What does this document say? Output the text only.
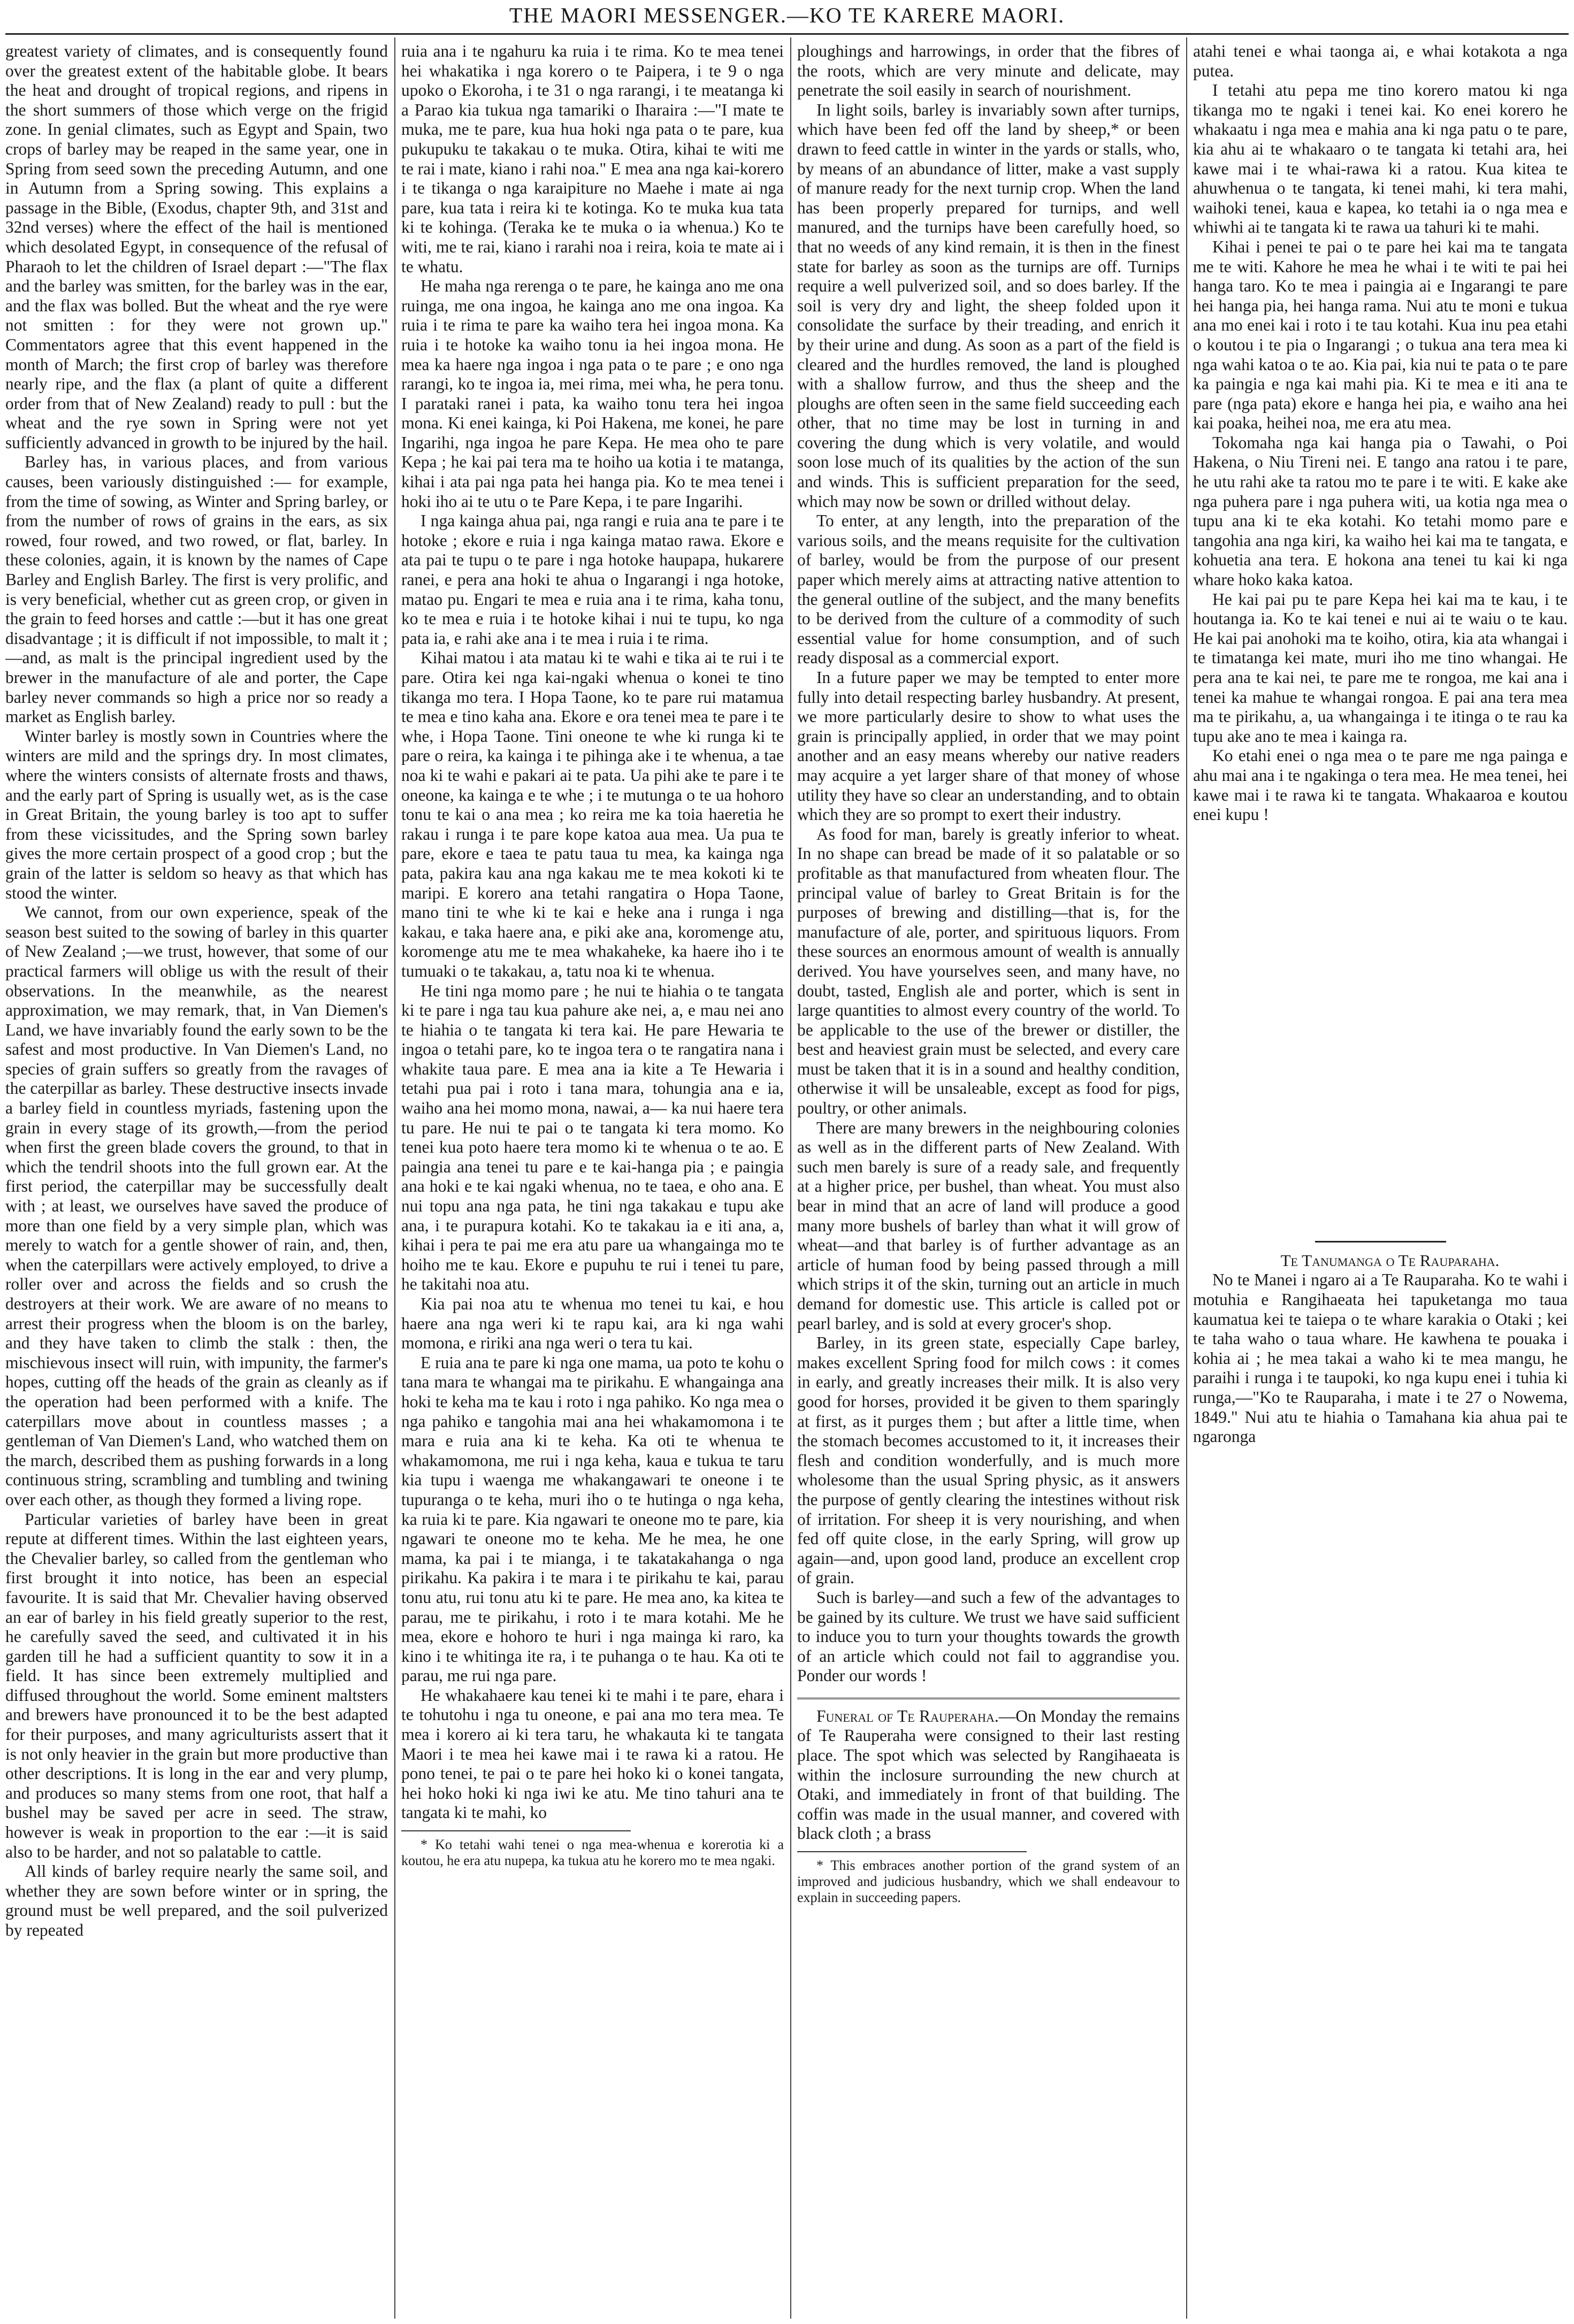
THE MAORI MESSENGER.—KO TE KARERE MAORI.

greatest variety of climates, and is consequently found over the greatest extent of the habitable globe. It bears the heat and drought of tropical regions, and ripens in the short summers of those which verge on the frigid zone. In genial climates, such as Egypt and Spain, two crops of barley may be reaped in the same year, one in Spring from seed sown the preceding Autumn, and one in Autumn from a Spring sowing. This explains a passage in the Bible, (Exodus, chapter 9th, and 31st and 32nd verses) where the effect of the hail is mentioned which desolated Egypt, in consequence of the refusal of Pharaoh to let the children of Israel depart :—"The flax and the barley was smitten, for the barley was in the ear, and the flax was bolled. But the wheat and the rye were not smitten : for they were not grown up." Commentators agree that this event happened in the month of March; the first crop of barley was therefore nearly ripe, and the flax (a plant of quite a different order from that of New Zealand) ready to pull : but the wheat and the rye sown in Spring were not yet sufficiently advanced in growth to be injured by the hail.

Barley has, in various places, and from various causes, been variously distinguished :— for example, from the time of sowing, as Winter and Spring barley, or from the number of rows of grains in the ears, as six rowed, four rowed, and two rowed, or flat, barley. In these colonies, again, it is known by the names of Cape Barley and English Barley. The first is very prolific, and is very beneficial, whether cut as green crop, or given in the grain to feed horses and cattle :—but it has one great disadvantage ; it is difficult if not impossible, to malt it ;—and, as malt is the principal ingredient used by the brewer in the manufacture of ale and porter, the Cape barley never commands so high a price nor so ready a market as English barley.

Winter barley is mostly sown in Countries where the winters are mild and the springs dry. In most climates, where the winters consists of alternate frosts and thaws, and the early part of Spring is usually wet, as is the case in Great Britain, the young barley is too apt to suffer from these vicissitudes, and the Spring sown barley gives the more certain prospect of a good crop ; but the grain of the latter is seldom so heavy as that which has stood the winter.

We cannot, from our own experience, speak of the season best suited to the sowing of barley in this quarter of New Zealand ;—we trust, however, that some of our practical farmers will oblige us with the result of their observations. In the meanwhile, as the nearest approximation, we may remark, that, in Van Diemen's Land, we have invariably found the early sown to be the safest and most productive. In Van Diemen's Land, no species of grain suffers so greatly from the ravages of the caterpillar as barley. These destructive insects invade a barley field in countless myriads, fastening upon the grain in every stage of its growth,—from the period when first the green blade covers the ground, to that in which the tendril shoots into the full grown ear. At the first period, the caterpillar may be successfully dealt with ; at least, we ourselves have saved the produce of more than one field by a very simple plan, which was merely to watch for a gentle shower of rain, and, then, when the caterpillars were actively employed, to drive a roller over and across the fields and so crush the destroyers at their work. We are aware of no means to arrest their progress when the bloom is on the barley, and they have taken to climb the stalk : then, the mischievous insect will ruin, with impunity, the farmer's hopes, cutting off the heads of the grain as cleanly as if the operation had been performed with a knife. The caterpillars move about in countless masses ; a gentleman of Van Diemen's Land, who watched them on the march, described them as pushing forwards in a long continuous string, scrambling and tumbling and twining over each other, as though they formed a living rope.

Particular varieties of barley have been in great repute at different times. Within the last eighteen years, the Chevalier barley, so called from the gentleman who first brought it into notice, has been an especial favourite. It is said that Mr. Chevalier having observed an ear of barley in his field greatly superior to the rest, he carefully saved the seed, and cultivated it in his garden till he had a sufficient quantity to sow it in a field. It has since been extremely multiplied and diffused throughout the world. Some eminent maltsters and brewers have pronounced it to be the best adapted for their purposes, and many agriculturists assert that it is not only heavier in the grain but more productive than other descriptions. It is long in the ear and very plump, and produces so many stems from one root, that half a bushel may be saved per acre in seed. The straw, however is weak in proportion to the ear :—it is said also to be harder, and not so palatable to cattle.

All kinds of barley require nearly the same soil, and whether they are sown before winter or in spring, the ground must be well prepared, and the soil pulverized by repeated

ruia ana i te ngahuru ka ruia i te rima. Ko te mea tenei hei whakatika i nga korero o te Paipera, i te 9 o nga upoko o Ekoroha, i te 31 o nga rarangi, i te meatanga ki a Parao kia tukua nga tamariki o Iharaira :—"I mate te muka, me te pare, kua hua hoki nga pata o te pare, kua pukupuku te takakau o te muka. Otira, kihai te witi me te rai i mate, kiano i rahi noa." E mea ana nga kai-korero i te tikanga o nga karaipiture no Maehe i mate ai nga pare, kua tata i reira ki te kotinga. Ko te muka kua tata ki te kohinga. (Teraka ke te muka o ia whenua.) Ko te witi, me te rai, kiano i rarahi noa i reira, koia te mate ai i te whatu.

He maha nga rerenga o te pare, he kainga ano me ona ruinga, me ona ingoa, he kainga ano me ona ingoa. Ka ruia i te rima te pare ka waiho tera hei ingoa mona. Ka ruia i te hotoke ka waiho tonu ia hei ingoa mona. He mea ka haere nga ingoa i nga pata o te pare ; e ono nga rarangi, ko te ingoa ia, mei rima, mei wha, he pera tonu. I parataki ranei i pata, ka waiho tonu tera hei ingoa mona. Ki enei kainga, ki Poi Hakena, me konei, he pare Ingarihi, nga ingoa he pare Kepa. He mea oho te pare Kepa ; he kai pai tera ma te hoiho ua kotia i te matanga, kihai i ata pai nga pata hei hanga pia. Ko te mea tenei i hoki iho ai te utu o te Pare Kepa, i te pare Ingarihi.

I nga kainga ahua pai, nga rangi e ruia ana te pare i te hotoke ; ekore e ruia i nga kainga matao rawa. Ekore e ata pai te tupu o te pare i nga hotoke haupapa, hukarere ranei, e pera ana hoki te ahua o Ingarangi i nga hotoke, matao pu. Engari te mea e ruia ana i te rima, kaha tonu, ko te mea e ruia i te hotoke kihai i nui te tupu, ko nga pata ia, e rahi ake ana i te mea i ruia i te rima.

Kihai matou i ata matau ki te wahi e tika ai te rui i te pare. Otira kei nga kai-ngaki whenua o konei te tino tikanga mo tera. I Hopa Taone, ko te pare rui matamua te mea e tino kaha ana. Ekore e ora tenei mea te pare i te whe, i Hopa Taone. Tini oneone te whe ki runga ki te pare o reira, ka kainga i te pihinga ake i te whenua, a tae noa ki te wahi e pakari ai te pata. Ua pihi ake te pare i te oneone, ka kainga e te whe ; i te mutunga o te ua hohoro tonu te kai o ana mea ; ko reira me ka toia haeretia he rakau i runga i te pare kope katoa aua mea. Ua pua te pare, ekore e taea te patu taua tu mea, ka kainga nga pata, pakira kau ana nga kakau me te mea kokoti ki te maripi. E korero ana tetahi rangatira o Hopa Taone, mano tini te whe ki te kai e heke ana i runga i nga kakau, e taka haere ana, e piki ake ana, koromenge atu, koromenge atu me te mea whakaheke, ka haere iho i te tumuaki o te takakau, a, tatu noa ki te whenua.

He tini nga momo pare ; he nui te hiahia o te tangata ki te pare i nga tau kua pahure ake nei, a, e mau nei ano te hiahia o te tangata ki tera kai. He pare Hewaria te ingoa o tetahi pare, ko te ingoa tera o te rangatira nana i whakite taua pare. E mea ana ia kite a Te Hewaria i tetahi pua pai i roto i tana mara, tohungia ana e ia, waiho ana hei momo mona, nawai, a— ka nui haere tera tu pare. He nui te pai o te tangata ki tera momo. Ko tenei kua poto haere tera momo ki te whenua o te ao. E paingia ana tenei tu pare e te kai-hanga pia ; e paingia ana hoki e te kai ngaki whenua, no te taea, e oho ana. E nui topu ana nga pata, he tini nga takakau e tupu ake ana, i te purapura kotahi. Ko te takakau ia e iti ana, a, kihai i pera te pai me era atu pare ua whangainga mo te hoiho me te kau. Ekore e pupuhu te rui i tenei tu pare, he takitahi noa atu.

Kia pai noa atu te whenua mo tenei tu kai, e hou haere ana nga weri ki te rapu kai, ara ki nga wahi momona, e ririki ana nga weri o tera tu kai.

E ruia ana te pare ki nga one mama, ua poto te kohu o tana mara te whangai ma te pirikahu. E whangainga ana hoki te keha ma te kau i roto i nga pahiko. Ko nga mea o nga pahiko e tangohia mai ana hei whakamomona i te mara e ruia ana ki te keha. Ka oti te whenua te whakamomona, me rui i nga keha, kaua e tukua te taru kia tupu i waenga me whakangawari te oneone i te tupuranga o te keha, muri iho o te hutinga o nga keha, ka ruia ki te pare. Kia ngawari te oneone mo te pare, kia ngawari te oneone mo te keha. Me he mea, he one mama, ka pai i te mianga, i te takatakahanga o nga pirikahu. Ka pakira i te mara i te pirikahu te kai, parau tonu atu, rui tonu atu ki te pare. He mea ano, ka kitea te parau, me te pirikahu, i roto i te mara kotahi. Me he mea, ekore e hohoro te huri i nga mainga ki raro, ka kino i te whitinga ite ra, i te puhanga o te hau. Ka oti te parau, me rui nga pare.

He whakahaere kau tenei ki te mahi i te pare, ehara i te tohutohu i nga tu oneone, e pai ana mo tera mea. Te mea i korero ai ki tera taru, he whakauta ki te tangata Maori i te mea hei kawe mai i te rawa ki a ratou. He pono tenei, te pai o te pare hei hoko ki o konei tangata, hei hoko hoki ki nga iwi ke atu. Me tino tahuri ana te tangata ki te mahi, ko

* Ko tetahi wahi tenei o nga mea-whenua e korerotia ki a koutou, he era atu nupepa, ka tukua atu he korero mo te mea ngaki.

ploughings and harrowings, in order that the fibres of the roots, which are very minute and delicate, may penetrate the soil easily in search of nourishment.

In light soils, barley is invariably sown after turnips, which have been fed off the land by sheep,* or been drawn to feed cattle in winter in the yards or stalls, who, by means of an abundance of litter, make a vast supply of manure ready for the next turnip crop. When the land has been properly prepared for turnips, and well manured, and the turnips have been carefully hoed, so that no weeds of any kind remain, it is then in the finest state for barley as soon as the turnips are off. Turnips require a well pulverized soil, and so does barley. If the soil is very dry and light, the sheep folded upon it consolidate the surface by their treading, and enrich it by their urine and dung. As soon as a part of the field is cleared and the hurdles removed, the land is ploughed with a shallow furrow, and thus the sheep and the ploughs are often seen in the same field succeeding each other, that no time may be lost in turning in and covering the dung which is very volatile, and would soon lose much of its qualities by the action of the sun and winds. This is sufficient preparation for the seed, which may now be sown or drilled without delay.

To enter, at any length, into the preparation of the various soils, and the means requisite for the cultivation of barley, would be from the purpose of our present paper which merely aims at attracting native attention to the general outline of the subject, and the many benefits to be derived from the culture of a commodity of such essential value for home consumption, and of such ready disposal as a commercial export.

In a future paper we may be tempted to enter more fully into detail respecting barley husbandry. At present, we more particularly desire to show to what uses the grain is principally applied, in order that we may point another and an easy means whereby our native readers may acquire a yet larger share of that money of whose utility they have so clear an understanding, and to obtain which they are so prompt to exert their industry.

As food for man, barely is greatly inferior to wheat. In no shape can bread be made of it so palatable or so profitable as that manufactured from wheaten flour. The principal value of barley to Great Britain is for the purposes of brewing and distilling—that is, for the manufacture of ale, porter, and spirituous liquors. From these sources an enormous amount of wealth is annually derived. You have yourselves seen, and many have, no doubt, tasted, English ale and porter, which is sent in large quantities to almost every country of the world. To be applicable to the use of the brewer or distiller, the best and heaviest grain must be selected, and every care must be taken that it is in a sound and healthy condition, otherwise it will be unsaleable, except as food for pigs, poultry, or other animals.

There are many brewers in the neighbouring colonies as well as in the different parts of New Zealand. With such men barely is sure of a ready sale, and frequently at a higher price, per bushel, than wheat. You must also bear in mind that an acre of land will produce a good many more bushels of barley than what it will grow of wheat—and that barley is of further advantage as an article of human food by being passed through a mill which strips it of the skin, turning out an article in much demand for domestic use. This article is called pot or pearl barley, and is sold at every grocer's shop.

Barley, in its green state, especially Cape barley, makes excellent Spring food for milch cows : it comes in early, and greatly increases their milk. It is also very good for horses, provided it be given to them sparingly at first, as it purges them ; but after a little time, when the stomach becomes accustomed to it, it increases their flesh and condition wonderfully, and is much more wholesome than the usual Spring physic, as it answers the purpose of gently clearing the intestines without risk of irritation. For sheep it is very nourishing, and when fed off quite close, in the early Spring, will grow up again—and, upon good land, produce an excellent crop of grain.

Such is barley—and such a few of the advantages to be gained by its culture. We trust we have said sufficient to induce you to turn your thoughts towards the growth of an article which could not fail to aggrandise you. Ponder our words !

Funeral of Te Rauperaha.—On Monday the remains of Te Rauperaha were consigned to their last resting place. The spot which was selected by Rangihaeata is within the inclosure surrounding the new church at Otaki, and immediately in front of that building. The coffin was made in the usual manner, and covered with black cloth ; a brass

* This embraces another portion of the grand system of an improved and judicious husbandry, which we shall endeavour to explain in succeeding papers.

atahi tenei e whai taonga ai, e whai kotakota a nga putea.

I tetahi atu pepa me tino korero matou ki nga tikanga mo te ngaki i tenei kai. Ko enei korero he whakaatu i nga mea e mahia ana ki nga patu o te pare, kia ahu ai te whakaaro o te tangata ki tetahi ara, hei kawe mai i te whai-rawa ki a ratou. Kua kitea te ahuwhenua o te tangata, ki tenei mahi, ki tera mahi, waihoki tenei, kaua e kapea, ko tetahi ia o nga mea e whiwhi ai te tangata ki te rawa ua tahuri ki te mahi.

Kihai i penei te pai o te pare hei kai ma te tangata me te witi. Kahore he mea he whai i te witi te pai hei hanga taro. Ko te mea i paingia ai e Ingarangi te pare hei hanga pia, hei hanga rama. Nui atu te moni e tukua ana mo enei kai i roto i te tau kotahi. Kua inu pea etahi o koutou i te pia o Ingarangi ; o tukua ana tera mea ki nga wahi katoa o te ao. Kia pai, kia nui te pata o te pare ka paingia e nga kai mahi pia. Ki te mea e iti ana te pare (nga pata) ekore e hanga hei pia, e waiho ana hei kai poaka, heihei noa, me era atu mea.

Tokomaha nga kai hanga pia o Tawahi, o Poi Hakena, o Niu Tireni nei. E tango ana ratou i te pare, he utu rahi ake ta ratou mo te pare i te witi. E kake ake nga puhera pare i nga puhera witi, ua kotia nga mea o tupu ana ki te eka kotahi. Ko tetahi momo pare e tangohia ana nga kiri, ka waiho hei kai ma te tangata, e kohuetia ana tera. E hokona ana tenei tu kai ki nga whare hoko kaka katoa.

He kai pai pu te pare Kepa hei kai ma te kau, i te houtanga ia. Ko te kai tenei e nui ai te waiu o te kau. He kai pai anohoki ma te koiho, otira, kia ata whangai i te timatanga kei mate, muri iho me tino whangai. He pera ana te kai nei, te pare me te rongoa, me kai ana i tenei ka mahue te whangai rongoa. E pai ana tera mea ma te pirikahu, a, ua whangainga i te itinga o te rau ka tupu ake ano te mea i kainga ra.

Ko etahi enei o nga mea o te pare me nga painga e ahu mai ana i te ngakinga o tera mea. He mea tenei, hei kawe mai i te rawa ki te tangata. Whakaaroa e koutou enei kupu !

Te Tanumanga o Te Rauparaha.

No te Manei i ngaro ai a Te Rauparaha. Ko te wahi i motuhia e Rangihaeata hei tapuketanga mo taua kaumatua kei te taiepa o te whare karakia o Otaki ; kei te taha waho o taua whare. He kawhena te pouaka i kohia ai ; he mea takai a waho ki te mea mangu, he paraihi i runga i te taupoki, ko nga kupu enei i tuhia ki runga,—"Ko te Rauparaha, i mate i te 27 o Nowema, 1849." Nui atu te hiahia o Tamahana kia ahua pai te ngaronga
